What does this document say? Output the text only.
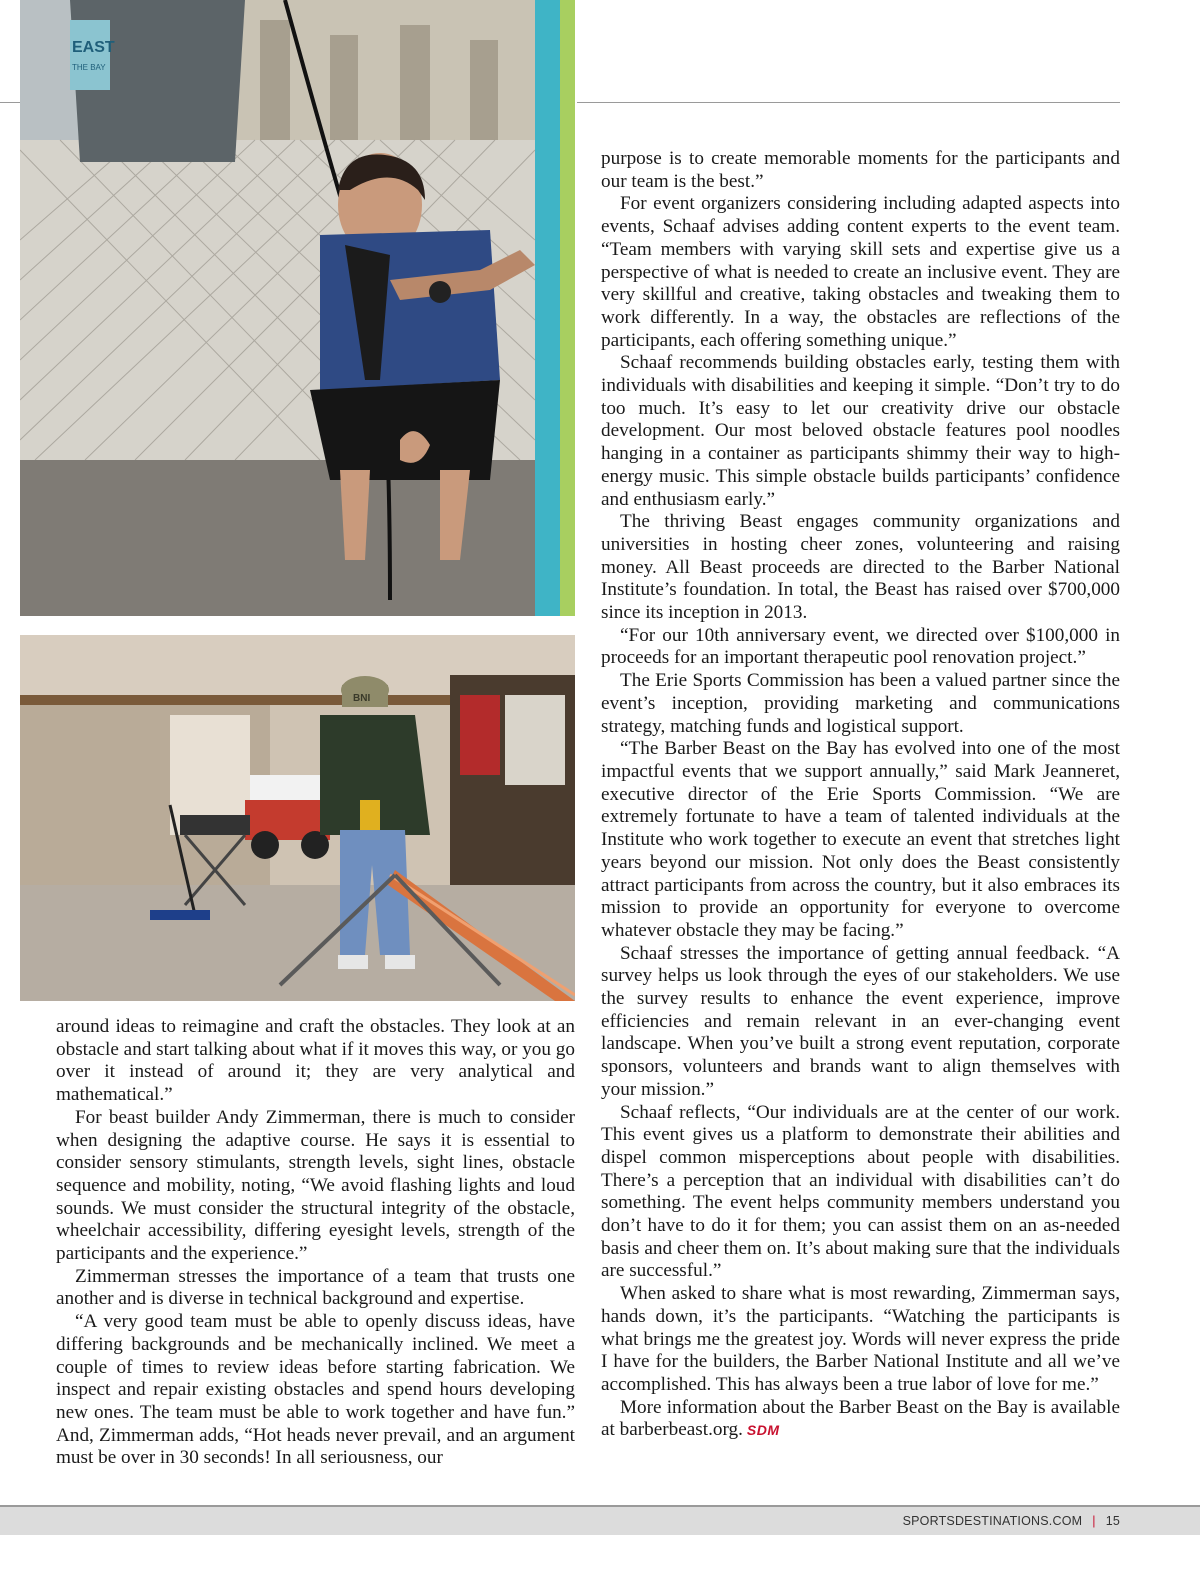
EAST
THE BAY
BNI

around ideas to reimagine and craft the obstacles. They look at an obstacle and start talking about what if it moves this way, or you go over it instead of around it; they are very analytical and mathematical.”

For beast builder Andy Zimmerman, there is much to consider when designing the adaptive course. He says it is essential to consider sensory stimulants, strength levels, sight lines, obstacle sequence and mobility, noting, “We avoid flashing lights and loud sounds. We must consider the structural integrity of the obstacle, wheelchair accessibility, differing eyesight levels, strength of the participants and the experience.”

Zimmerman stresses the importance of a team that trusts one another and is diverse in technical background and expertise.

“A very good team must be able to openly discuss ideas, have differing backgrounds and be mechanically inclined. We meet a couple of times to review ideas before starting fabrication. We inspect and repair existing obstacles and spend hours developing new ones. The team must be able to work together and have fun.” And, Zimmerman adds, “Hot heads never prevail, and an argument must be over in 30 seconds! In all seriousness, our

purpose is to create memorable moments for the participants and our team is the best.”

For event organizers considering including adapted aspects into events, Schaaf advises adding content experts to the event team. “Team members with varying skill sets and expertise give us a perspective of what is needed to create an inclusive event. They are very skillful and creative, taking obstacles and tweaking them to work differently. In a way, the obstacles are reflections of the participants, each offering something unique.”

Schaaf recommends building obstacles early, testing them with individuals with disabilities and keeping it simple. “Don’t try to do too much. It’s easy to let our creativity drive our obstacle development. Our most beloved obstacle features pool noodles hanging in a container as participants shimmy their way to high-energy music. This simple obstacle builds participants’ confidence and enthusiasm early.”

The thriving Beast engages community organizations and universities in hosting cheer zones, volunteering and raising money. All Beast proceeds are directed to the Barber National Institute’s foundation. In total, the Beast has raised over $700,000 since its inception in 2013.

“For our 10th anniversary event, we directed over $100,000 in proceeds for an important therapeutic pool renovation project.”

The Erie Sports Commission has been a valued partner since the event’s inception, providing marketing and communications strategy, matching funds and logistical support.

“The Barber Beast on the Bay has evolved into one of the most impactful events that we support annually,” said Mark Jeanneret, executive director of the Erie Sports Commission. “We are extremely fortunate to have a team of talented individuals at the Institute who work together to execute an event that stretches light years beyond our mission. Not only does the Beast consistently attract participants from across the country, but it also embraces its mission to provide an opportunity for everyone to overcome whatever obstacle they may be facing.”

Schaaf stresses the importance of getting annual feedback. “A survey helps us look through the eyes of our stakeholders. We use the survey results to enhance the event experience, improve efficiencies and remain relevant in an ever-changing event landscape. When you’ve built a strong event reputation, corporate sponsors, volunteers and brands want to align themselves with your mission.”

Schaaf reflects, “Our individuals are at the center of our work. This event gives us a platform to demonstrate their abilities and dispel common misperceptions about people with disabilities. There’s a perception that an individual with disabilities can’t do something. The event helps community members understand you don’t have to do it for them; you can assist them on an as-needed basis and cheer them on. It’s about making sure that the individuals are successful.”

When asked to share what is most rewarding, Zimmerman says, hands down, it’s the participants. “Watching the participants is what brings me the greatest joy. Words will never express the pride I have for the builders, the Barber National Institute and all we’ve accomplished. This has always been a true labor of love for me.”

More information about the Barber Beast on the Bay is available at barberbeast.org. SDM

SPORTSDESTINATIONS.COM | 15
